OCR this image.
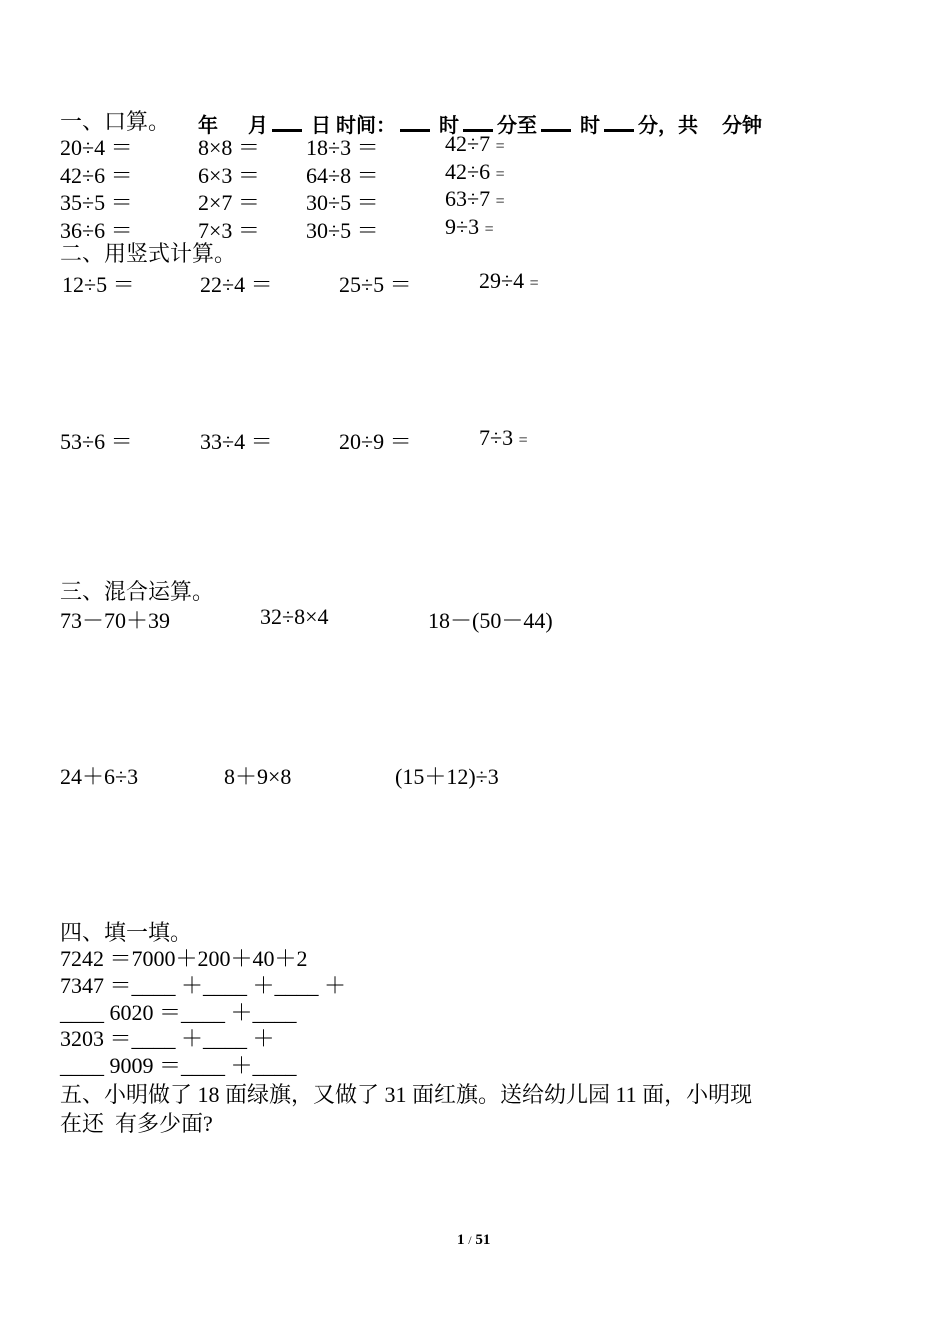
年 月 日 时间： 时 分至 时 分，共 分钟

一、口算。
20÷4 ＝	8×8 ＝ 18÷3 ＝	42÷7 =
42÷6 ＝	6×3 ＝ 64÷8 ＝	42÷6 =
35÷5 ＝	2×7 ＝ 30÷5 ＝	63÷7 =
36÷6 ＝	7×3 ＝ 30÷5 ＝	9÷3 =
二、用竖式计算。
12÷5 ＝	22÷4 ＝	25÷5 ＝	29÷4 =
53÷6 ＝	33÷4 ＝	20÷9 ＝	7÷3 =
三、混合运算。
73－70＋39	32÷8×4	18－(50－44)
24＋6÷3	8＋9×8	(15＋12)÷3
四、填一填。
7242 ＝7000＋200＋40＋2
7347 ＝____ ＋____ ＋____ ＋
____ 6020 ＝____ ＋____
3203 ＝____ ＋____ ＋
____ 9009 ＝____ ＋____
五、小明做了 18 面绿旗，又做了 31 面红旗。送给幼儿园 11 面，小明现
在还  有多少面?
1 / 51
